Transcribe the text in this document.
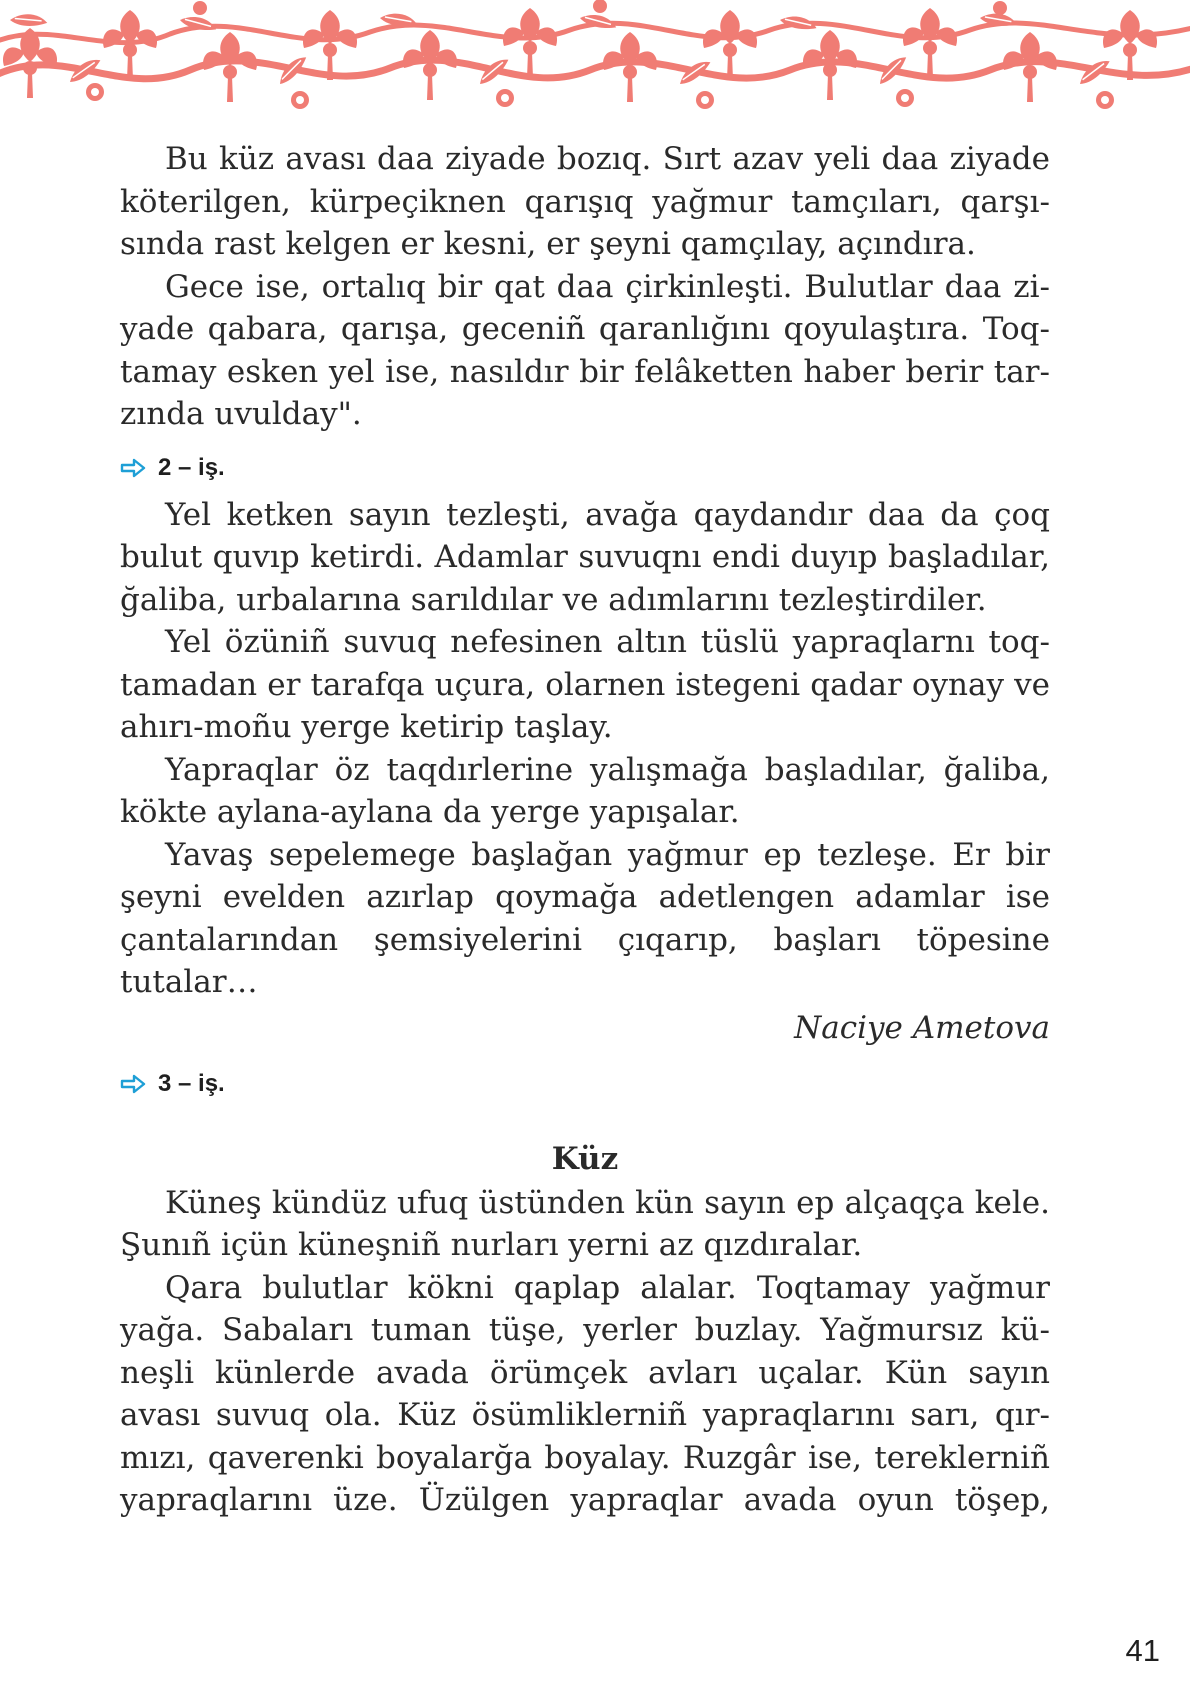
Bu küz avası daa ziyade bozıq. Sırt azav yeli daa ziyade köterilgen, kürpeçiknen qarışıq yağmur tamçıları, qarşısında rast kelgen er kesni, er şeyni qamçılay, açındıra.

Gece ise, ortalıq bir qat daa çirkinleşti. Bulutlar daa ziyade qabara, qarışa, geceniñ qaranlığını qoyulaştıra. Toqtamay esken yel ise, nasıldır bir felâketten haber berir tarzında uvulday".

2 – iş.

Yel ketken sayın tezleşti, avağa qaydandır daa da çoq bulut quvıp ketirdi. Adamlar suvuqnı endi duyıp başladılar, ğaliba, urbalarına sarıldılar ve adımlarını tezleştirdiler.

Yel özüniñ suvuq nefesinen altın tüslü yapraqlarnı toqtamadan er tarafqa uçura, olarnen istegeni qadar oynay ve ahırı-moñu yerge ketirip taşlay.

Yapraqlar öz taqdırlerine yalışmağa başladılar, ğaliba, kökte aylana-aylana da yerge yapışalar.

Yavaş sepelemege başlağan yağmur ep tezleşe. Er bir şeyni evelden azırlap qoymağa adetlengen adamlar ise çantalarından şemsiyelerini çıqarıp, başları töpesine tutalar…

Naciye Ametova
3 – iş.
Küz

Küneş kündüz ufuq üstünden kün sayın ep alçaqça kele. Şunıñ içün küneşniñ nurları yerni az qızdıralar.

Qara bulutlar kökni qaplap alalar. Toqtamay yağmur yağa. Sabaları tuman tüşe, yerler buzlay. Yağmursız küneşli künlerde avada örümçek avları uçalar. Kün sayın avası suvuq ola. Küz ösümliklerniñ yapraqlarını sarı, qırmızı, qaverenki boyalarğa boyalay. Ruzgâr ise, tereklerniñ yapraqlarını üze. Üzülgen yapraqlar avada oyun töşep,

41
